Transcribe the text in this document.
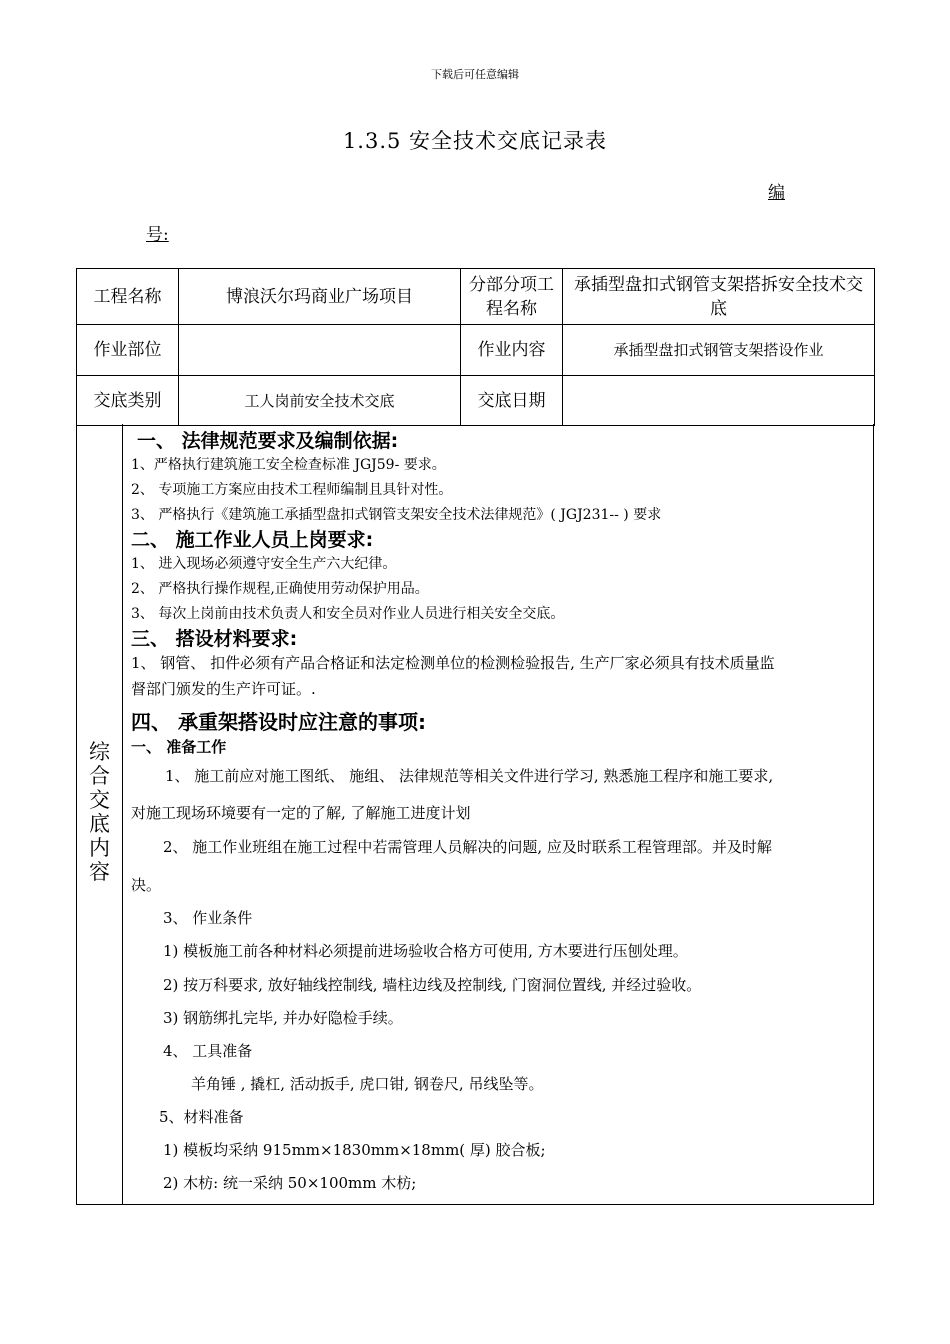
下载后可任意编辑
1.3.5 安全技术交底记录表
编
号:
工程名称	博浪沃尔玛商业广场项目	分部分项工程名称	承插型盘扣式钢管支架搭拆安全技术交底
作业部位		作业内容	承插型盘扣式钢管支架搭设作业
交底类别	工人岗前安全技术交底	交底日期	
综
合
交
底
内
容
一、 法律规范要求及编制依据:
1、严格执行建筑施工安全检查标准 JGJ59- 要求。
2、 专项施工方案应由技术工程师编制且具针对性。
3、 严格执行《建筑施工承插型盘扣式钢管支架安全技术法律规范》( JGJ231-- ) 要求
二、 施工作业人员上岗要求:
1、 进入现场必须遵守安全生产六大纪律。
2、 严格执行操作规程,正确使用劳动保护用品。
3、 每次上岗前由技术负责人和安全员对作业人员进行相关安全交底。
三、 搭设材料要求:
1、 钢管、 扣件必须有产品合格证和法定检测单位的检测检验报告, 生产厂家必须具有技术质量监
督部门颁发的生产许可证。.
四、 承重架搭设时应注意的事项:
一、 准备工作
1、 施工前应对施工图纸、 施组、 法律规范等相关文件进行学习, 熟悉施工程序和施工要求,
对施工现场环境要有一定的了解, 了解施工进度计划
2、 施工作业班组在施工过程中若需管理人员解决的问题, 应及时联系工程管理部。并及时解
决。
3、 作业条件
1) 模板施工前各种材料必须提前进场验收合格方可使用, 方木要进行压刨处理。
2) 按万科要求, 放好轴线控制线, 墙柱边线及控制线, 门窗洞位置线, 并经过验收。
3) 钢筋绑扎完毕, 并办好隐检手续。
4、 工具准备
羊角锤 , 撬杠, 活动扳手, 虎口钳, 钢卷尺, 吊线坠等。
5、材料准备
1) 模板均采纳 915mm×1830mm×18mm( 厚) 胶合板;
2) 木枋: 统一采纳 50×100mm 木枋;
